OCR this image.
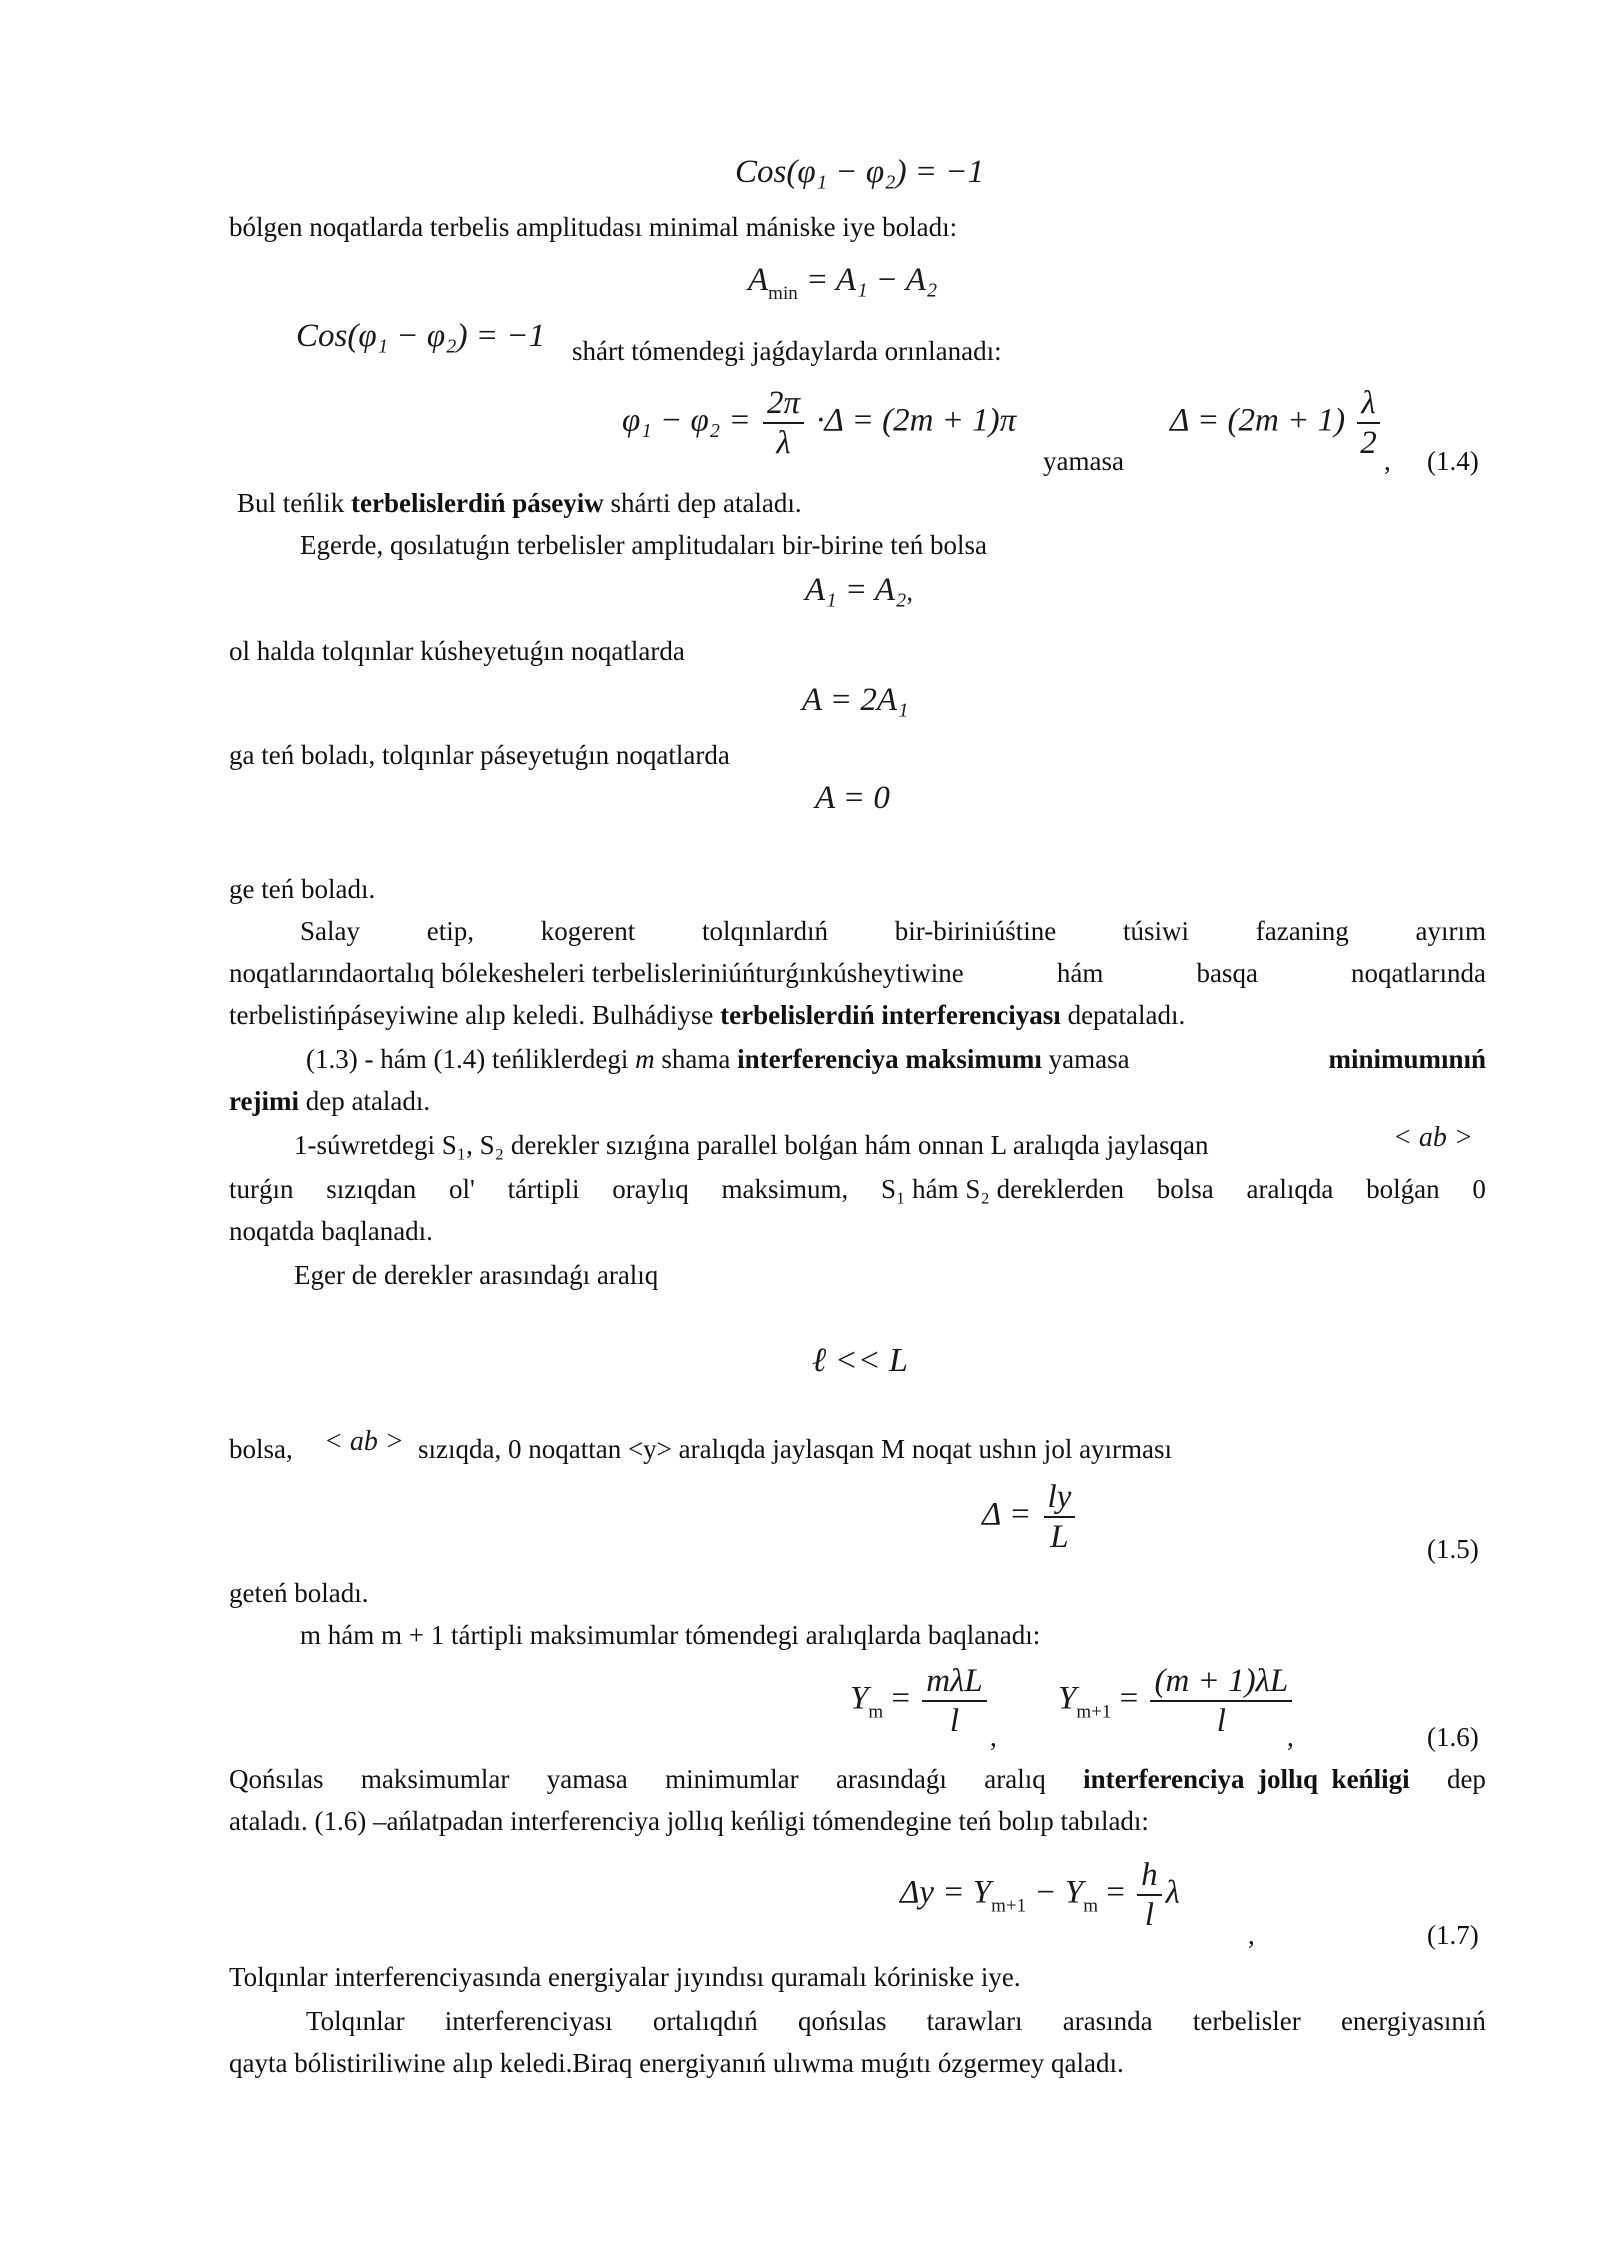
Cos(φ₁ − φ₂) = −1
bólgen noqatlarda terbelis amplitudası minimal mániske iye boladı:
$A_{min} = A_1 - A_2$
Cos(φ₁ − φ₂) = −1 shárt tómendegi jaǵdaylarda orınlanadı:
$\varphi_1 - \varphi_2 = \frac{2\pi}{\lambda} \cdot\Delta = (2m + 1)\pi$
yamasa
$\Delta = (2m + 1) \frac{\lambda}{2}$ , (1.4)
Bul teńlik terbelislerdiń páseyiw shárti dep ataladı.
Egerde, qosılatuǵın terbelisler amplitudaları bir-birine teń bolsa
A₁ = A₂,
ol halda tolqınlar kúsheyetuǵın noqatlarda
A = 2A₁
ga teń boladı, tolqınlar páseyetuǵın noqatlarda
A = 0
ge teń boladı.
Salay etip, kogerent tolqınlardıń bir-biriniúśtine túsiwi fazaning ayırım
noqatlarındaortalıq bólekesheleri terbelisleriniúńturǵınkúsheytiwine	hám	basqa	noqatlarında
terbelistińpáseyiwine alıp keledi. Bulhádiyse terbelislerdiń interferenciyası depataladı.
(1.3) - hám (1.4) teńliklerdegi m shama interferenciya maksimumı yamasa	minimumınıń
rejimi dep ataladı.
1-súwretdegi S₁, S₂ derekler sızıǵına parallel bolǵan hám onnan L aralıqda jaylasqan	< ab >
turǵın sızıqdan ol' tártipli oraylıq maksimum, S₁ hám S₂ dereklerden bolsa aralıqda bolǵan 0
noqatda baqlanadı.
Eger de derekler arasındaǵı aralıq
ℓ << L
bolsa, < ab > sızıqda, 0 noqattan <y> aralıqda jaylasqan M noqat ushın jol ayırması
$\Delta = \frac{ly}{L}$	(1.5)
geteń boladı.
m hám m + 1 tártipli maksimumlar tómendegi aralıqlarda baqlanadı:
$Y_m = \frac{\text{mλL}}{l}$ ,
$Y_{m+1} = \frac{(m + 1)\lambda L}{l}$
,	(1.6)
Qońsılas maksimumlar yamasa minimumlar arasındaǵı aralıq interferenciya  jollıq  keńligi dep
ataladı. (1.6) –ańlatpadan interferenciya jollıq keńligi tómendegine teń bolıp tabıladı:
$\Delta y = Y_{m+1} - Y_m = \frac{h}{l}$ λ
,	(1.7)
Tolqınlar interferenciyasında energiyalar jıyındısı quramalı kóriniske iye.
Tolqınlar interferenciyası ortalıqdıń qońsılas tarawları arasında terbelisler energiyasınıń
qayta bólistiriliwine alıp keledi.Biraq energiyanıń ulıwma muǵıtı ózgermey qaladı.
